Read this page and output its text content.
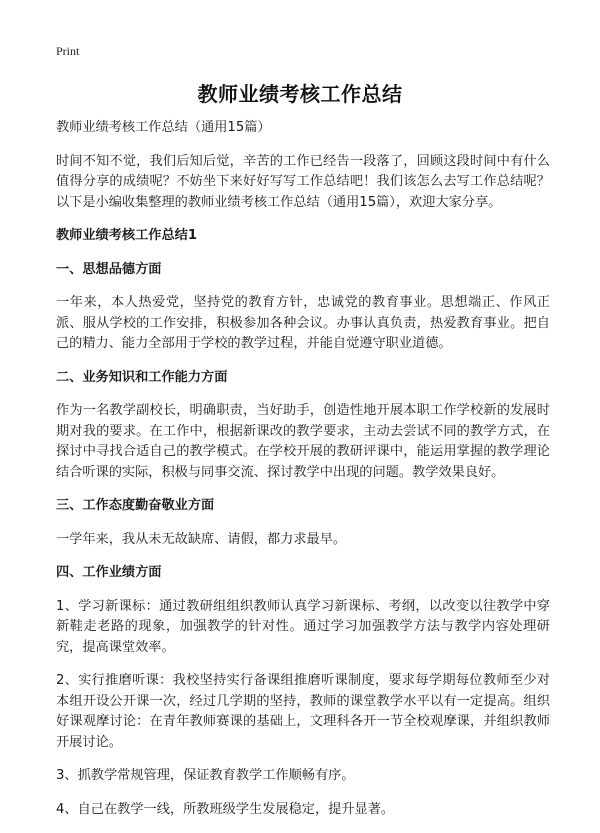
Print
教师业绩考核工作总结

教师业绩考核工作总结（通用15篇）

时间不知不觉，我们后知后觉，辛苦的工作已经告一段落了，回顾这段时间中有什么值得分享的成绩呢？不妨坐下来好好写写工作总结吧！我们该怎么去写工作总结呢？以下是小编收集整理的教师业绩考核工作总结（通用15篇），欢迎大家分享。

教师业绩考核工作总结1

一、思想品德方面

一年来，本人热爱党，坚持党的教育方针，忠诚党的教育事业。思想端正、作风正派、服从学校的工作安排，积极参加各种会议。办事认真负责，热爱教育事业。把自己的精力、能力全部用于学校的教学过程，并能自觉遵守职业道德。

二、业务知识和工作能力方面

作为一名教学副校长，明确职责，当好助手，创造性地开展本职工作学校新的发展时期对我的要求。在工作中，根据新课改的教学要求，主动去尝试不同的教学方式，在探讨中寻找合适自己的教学模式。在学校开展的教研评课中，能运用掌握的教学理论结合听课的实际，积极与同事交流、探讨教学中出现的问题。教学效果良好。

三、工作态度勤奋敬业方面

一学年来，我从未无故缺席、请假，都力求最早。

四、工作业绩方面

1、学习新课标：通过教研组组织教师认真学习新课标、考纲，以改变以往教学中穿新鞋走老路的现象，加强教学的针对性。通过学习加强教学方法与教学内容处理研究，提高课堂效率。

2、实行推磨听课：我校坚持实行备课组推磨听课制度，要求每学期每位教师至少对本组开设公开课一次，经过几学期的坚持，教师的课堂教学水平以有一定提高。组织好课观摩讨论：在青年教师赛课的基础上，文理科各开一节全校观摩课，并组织教师开展讨论。

3、抓教学常规管理，保证教育教学工作顺畅有序。

4、自己在教学一线，所教班级学生发展稳定，提升显著。
